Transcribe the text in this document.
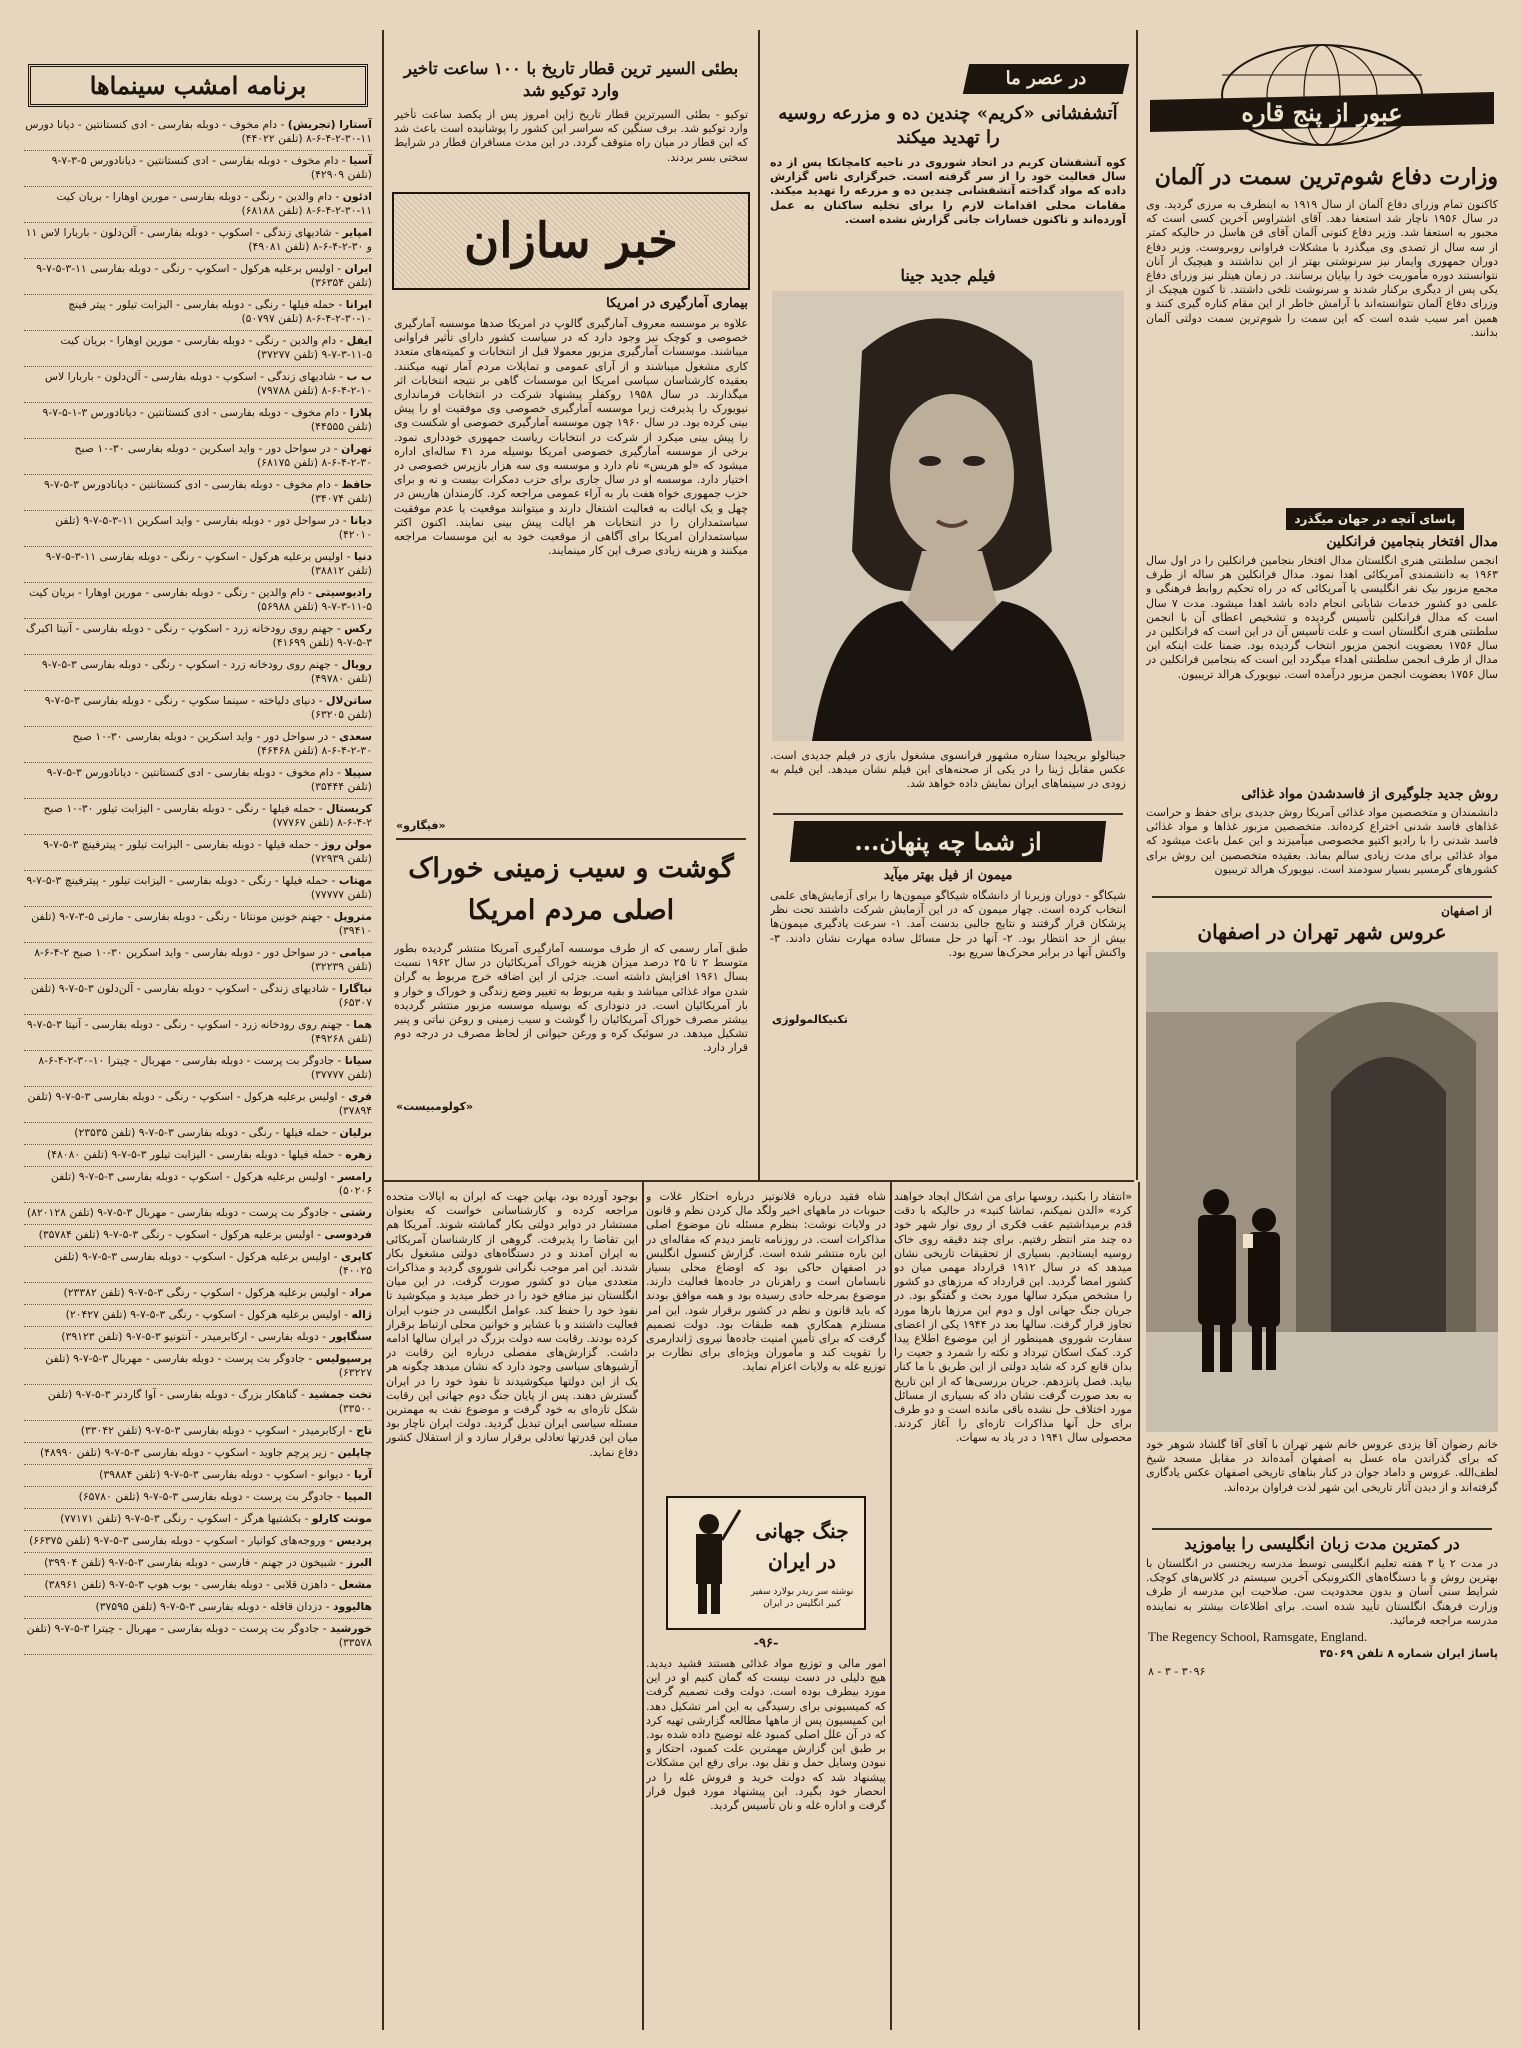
عبور از پنج قاره
وزارت دفاع شوم‌ترین سمت در آلمان
کاکنون تمام وزرای دفاع آلمان از سال ۱۹۱۹ به اینطرف به مرزی گردید. وی در سال ۱۹۵۶ ناچار شد استعفا دهد. آقای اشتراوس آخرین کسی است که مجبور به استعفا شد. وزیر دفاع کنونی آلمان آقای فن هاسل در حالیکه کمتر از سه سال از تصدی وی میگذرد با مشکلات فراوانی روبروست. وزیر دفاع دوران جمهوری وایمار نیز سرنوشتی بهتر از این نداشتند و هیچیک از آنان نتوانستند دوره مأموریت خود را بپایان برسانند. در زمان هیتلر نیز وزرای دفاع یکی پس از دیگری برکنار شدند و سرنوشت تلخی داشتند. تا کنون هیچیک از وزرای دفاع آلمان نتوانسته‌اند با آرامش خاطر از این مقام کناره گیری کنند و همین امر سبب شده است که این سمت را شوم‌ترین سمت دولتی آلمان بدانند.
پاسای آنچه در جهان میگذرد
مدال افتخار بنجامین فرانکلین
انجمن سلطنتی هنری انگلستان مدال افتخار بنجامین فرانکلین را در اول سال ۱۹۶۳ به دانشمندی آمریکائی اهدا نمود. مدال فرانکلین هر ساله از طرف مجمع مزبور بیک نفر انگلیسی یا آمریکائی که در راه تحکیم روابط فرهنگی و علمی دو کشور خدمات شایانی انجام داده باشد اهدا میشود. مدت ۷ سال است که مدال فرانکلین تأسیس گردیده و تشخیص اعطای آن با انجمن سلطنتی هنری انگلستان است و علت تأسیس آن در این است که فرانکلین در سال ۱۷۵۶ بعضویت انجمن مزبور انتخاب گردیده بود. ضمنا علت اینکه این مدال از طرف انجمن سلطنتی اهداء میگردد این است که بنجامین فرانکلین در سال ۱۷۵۶ بعضویت انجمن مزبور درآمده است. نیویورک هرالد تریبیون.
روش جدید جلوگیری از فاسدشدن مواد غذائی
دانشمندان و متخصصین مواد غذائی آمریکا روش جدیدی برای حفظ و حراست غذاهای فاسد شدنی اختراع کرده‌اند. متخصصین مزبور غذاها و مواد غذائی فاسد شدنی را با رادیو اکتیو مخصوصی میآمیزند و این عمل باعث میشود که مواد غذائی برای مدت زیادی سالم بماند. بعقیده متخصصین این روش برای کشورهای گرمسیر بسیار سودمند است. نیویورک هرالد تریبیون
از اصفهان
عروس شهر تهران در اصفهان
خانم رضوان آقا یزدی عروس خانم شهر تهران با آقای آقا گلشاد شوهر خود که برای گذراندن ماه عسل به اصفهان آمده‌اند در مقابل مسجد شیخ لطف‌الله. عروس و داماد جوان در کنار بناهای تاریخی اصفهان عکس یادگاری گرفته‌اند و از دیدن آثار تاریخی این شهر لذت فراوان برده‌اند.
در کمترین مدت زبان انگلیسی را بیاموزید
در مدت ۲ یا ۳ هفته تعلیم انگلیسی توسط مدرسه ریجنسی در انگلستان با بهترین روش و با دستگاه‌های الکترونیکی آخرین سیستم در کلاس‌های کوچک. شرایط سنی آسان و بدون محدودیت سن. صلاحیت این مدرسه از طرف وزارت فرهنگ انگلستان تأیید شده است. برای اطلاعات بیشتر به نماینده مدرسه مراجعه فرمائید.
The Regency School, Ramsgate, England.
پاساژ ایران شماره ۸ تلفن ۳۵۰۶۹
۳۰۹۶ - ۳ - ۸
در عصر ما
آتشفشانی «کریم» چندین ده و مزرعه روسیه را تهدید میکند
کوه آتشفشان کریم در اتحاد شوروی در ناحیه کامچاتکا پس از ده سال فعالیت خود را از سر گرفته است. خبرگزاری تاس گزارش داده که مواد گداخته آتشفشانی چندین ده و مزرعه را تهدید میکند. مقامات محلی اقدامات لازم را برای تخلیه ساکنان به عمل آورده‌اند و تاکنون خسارات جانی گزارش نشده است.
فیلم جدید جینا
جینالولو بریجیدا ستاره مشهور فرانسوی مشغول بازی در فیلم جدیدی است. عکس مقابل ژینا را در یکی از صحنه‌های این فیلم نشان میدهد. این فیلم به زودی در سینماهای ایران نمایش داده خواهد شد.
از شما چه پنهان...
میمون از فیل بهتر میآید
شیکاگو - دوران وزیرنا از دانشگاه شیکاگو میمون‌ها را برای آزمایش‌های علمی انتخاب کرده است. چهار میمون که در این آزمایش شرکت داشتند تحت نظر پزشکان قرار گرفتند و نتایج جالبی بدست آمد. ۱- سرعت یادگیری میمون‌ها بیش از حد انتظار بود. ۲- آنها در حل مسائل ساده مهارت نشان دادند. ۳- واکنش آنها در برابر محرک‌ها سریع بود.
تکنیکالمولوژی
بطئی السیر ترین قطار تاریخ با ۱۰۰ ساعت تاخیر وارد توکیو شد
توکیو - بطئی السیرترین قطار تاریخ ژاپن امروز پس از یکصد ساعت تأخیر وارد توکیو شد. برف سنگین که سراسر این کشور را پوشانیده است باعث شد که این قطار در میان راه متوقف گردد. در این مدت مسافران قطار در شرایط سختی بسر بردند.
خبر سازان
بیماری آمارگیری در امریکا
علاوه بر موسسه معروف آمارگیری گالوپ در امریکا صدها موسسه آمارگیری خصوصی و کوچک نیز وجود دارد که در سیاست کشور دارای تأثیر فراوانی میباشند. موسسات آمارگیری مزبور معمولا قبل از انتخابات و کمیته‌های متعدد کاری مشغول میباشند و از آرای عمومی و تمایلات مردم آمار تهیه میکنند. بعقیده کارشناسان سیاسی امریکا این موسسات گاهی بر نتیجه انتخابات اثر میگذارند. در سال ۱۹۵۸ روکفلر پیشنهاد شرکت در انتخابات فرمانداری نیویورک را پذیرفت زیرا موسسه آمارگیری خصوصی وی موفقیت او را پیش بینی کرده بود. در سال ۱۹۶۰ چون موسسه آمارگیری خصوصی او شکست وی را پیش بینی میکرد از شرکت در انتخابات ریاست جمهوری خودداری نمود. برخی از موسسه آمارگیری خصوصی امریکا بوسیله مرد ۴۱ ساله‌ای اداره میشود که «لو هریس» نام دارد و موسسه وی سه هزار بازپرس خصوصی در اختیار دارد. موسسه او در سال جاری برای حزب دمکرات بیست و نه و برای حزب جمهوری خواه هفت بار به آراء عمومی مراجعه کرد. کارمندان هاریس در چهل و یک ایالت به فعالیت اشتغال دارند و میتوانند موقعیت یا عدم موفقیت سیاستمداران را در انتخابات هر ایالت پیش بینی نمایند. اکنون اکثر سیاستمداران امریکا برای آگاهی از موقعیت خود به این موسسات مراجعه میکنند و هزینه زیادی صرف این کار مینمایند.
«فیگارو»
گوشت و سیب زمینی خوراک اصلی مردم امریکا
طبق آمار رسمی که از طرف موسسه آمارگیری آمریکا منتشر گردیده بطور متوسط ۲ تا ۲۵ درصد میزان هزینه خوراک آمریکائیان در سال ۱۹۶۲ نسبت بسال ۱۹۶۱ افزایش داشته است. جزئی از این اضافه خرج مربوط به گران شدن مواد غذائی میباشد و بقیه مربوط به تغییر وضع زندگی و خوراک و خوار و بار آمریکائیان است. در دنوداری که بوسیله موسسه مزبور منتشر گردیده بیشتر مصرف خوراک آمریکائیان را گوشت و سیب زمینی و روغن نباتی و پنیر تشکیل میدهد. در سوئیک کره و ورغن حیوانی از لحاظ مصرف در درجه دوم قرار دارد.
«کولومبیست»
«انتقاد را بکنید، روسها برای من اشکال ایجاد خواهند کرد» «الدن نمیکنم، تماشا کنید» در حالیکه با دقت قدم برمیداشتیم عقب فکری از روی نوار شهر خود ده چند متر انتظر رفتیم. برای چند دقیقه روی خاک روسیه ایستادیم. بسیاری از تحقیقات تاریخی نشان میدهد که در سال ۱۹۱۲ قرارداد مهمی میان دو کشور امضا گردید. این قرارداد که مرزهای دو کشور را مشخص میکرد سالها مورد بحث و گفتگو بود. در جریان جنگ جهانی اول و دوم این مرزها بارها مورد تجاوز قرار گرفت. سالها بعد در ۱۹۴۴ یکی از اعضای سفارت شوروی همینطور از این موضوع اطلاع پیدا کرد. کمک اسکان تیرداد و نکته را شمرد و جعیت را بدان قانع کرد که شاید دولتی از این طریق با ما کنار بیاید. فصل پانزدهم. جریان بررسی‌ها که از این تاریخ به بعد صورت گرفت نشان داد که بسیاری از مسائل مورد اختلاف حل نشده باقی مانده است و دو طرف برای حل آنها مذاکرات تازه‌ای را آغاز کردند. محصولی سال ۱۹۴۱ د در یاد به سهات.
بوجود آورده بود، بهاین جهت که ایران به ایالات متحده مراجعه کرده و کارشناسانی خواست که بعنوان مستشار در دوایر دولتی بکار گماشته شوند. آمریکا هم این تقاضا را پذیرفت. گروهی از کارشناسان آمریکائی به ایران آمدند و در دستگاه‌های دولتی مشغول بکار شدند. این امر موجب نگرانی شوروی گردید و مذاکرات متعددی میان دو کشور صورت گرفت. در این میان انگلستان نیز منافع خود را در خطر میدید و میکوشید تا نفوذ خود را حفظ کند. عوامل انگلیسی در جنوب ایران فعالیت داشتند و با عشایر و خوانین محلی ارتباط برقرار کرده بودند. رقابت سه دولت بزرگ در ایران سالها ادامه داشت. گزارش‌های مفصلی درباره این رقابت در آرشیوهای سیاسی وجود دارد که نشان میدهد چگونه هر یک از این دولتها میکوشیدند تا نفوذ خود را در ایران گسترش دهند. پس از پایان جنگ دوم جهانی این رقابت شکل تازه‌ای به خود گرفت و موضوع نفت به مهمترین مسئله سیاسی ایران تبدیل گردید. دولت ایران ناچار بود میان این قدرتها تعادلی برقرار سازد و از استقلال کشور دفاع نماید.
شاه فقید درباره قلانوتیز درباره احتکار غلات و حبوبات در ماههای اخیر ولگد مال کردن نظم و قانون در ولایات نوشت: بنظرم مسئله نان موضوع اصلی مذاکرات است. در روزنامه تایمز دیدم که مقاله‌ای در این باره منتشر شده است. گزارش کنسول انگلیس در اصفهان حاکی بود که اوضاع محلی بسیار نابسامان است و راهزنان در جاده‌ها فعالیت دارند. موضوع بمرحله حادی رسیده بود و همه موافق بودند که باید قانون و نظم در کشور برقرار شود. این امر مستلزم همکاری همه طبقات بود. دولت تصمیم گرفت که برای تأمین امنیت جاده‌ها نیروی ژاندارمری را تقویت کند و مأموران ویژه‌ای برای نظارت بر توزیع غله به ولایات اعزام نماید.
جنگ جهانی در ایران
نوشته سر ریدر بولارد سفیر کبیر انگلیس در ایران
-۹۶-
امور مالی و توزیع مواد غذائی هستند قشید دیدید. هیچ دلیلی در دست نیست که گمان کنیم او در این مورد بیطرف بوده است. دولت وقت تصمیم گرفت که کمیسیونی برای رسیدگی به این امر تشکیل دهد. این کمیسیون پس از ماهها مطالعه گزارشی تهیه کرد که در آن علل اصلی کمبود غله توضیح داده شده بود. بر طبق این گزارش مهمترین علت کمبود، احتکار و نبودن وسایل حمل و نقل بود. برای رفع این مشکلات پیشنهاد شد که دولت خرید و فروش غله را در انحصار خود بگیرد. این پیشنهاد مورد قبول قرار گرفت و اداره غله و نان تأسیس گردید.
برنامه امشب سینماها
آستارا (تجریش) - دام مخوف - دوبله بفارسی - ادی کنستانتین - دیانا دورس ۱۱-۳۰-۲-۴-۶-۸ (تلفن ۴۴۰۲۲)
آسیا - دام مخوف - دوبله بفارسی - ادی کنستانتین - دیانادورس ۵-۳-۷-۹ (تلفن ۴۲۹۰۹)
ادئون - دام والدین - رنگی - دوبله بفارسی - مورین اوهارا - بریان کیت ۱۱-۳۰-۲-۴-۶-۸ (تلفن ۶۸۱۸۸)
امپایر - شادیهای زندگی - اسکوپ - دوبله بفارسی - آلن‌دلون - باربارا لاس ۱۱ و ۳۰-۲-۴-۶-۸ (تلفن ۴۹۰۸۱)
ایران - اولیس برعلیه هرکول - اسکوپ - رنگی - دوبله بفارسی ۱۱-۳-۵-۷-۹ (تلفن ۳۶۳۵۴)
ایرانا - حمله فیلها - رنگی - دوبله بفارسی - الیزابت تیلور - پیتر فینچ ۱۰-۳۰-۲-۴-۶-۸ (تلفن ۵۰۷۹۷)
ایفل - دام والدین - رنگی - دوبله بفارسی - مورین اوهارا - بریان کیت ۵-۱۱-۳-۷-۹ (تلفن ۳۷۲۷۷)
ب ب - شادیهای زندگی - اسکوپ - دوبله بفارسی - آلن‌دلون - باربارا لاس ۱۰-۲-۴-۶-۸ (تلفن ۷۹۷۸۸)
پلازا - دام مخوف - دوبله بفارسی - ادی کنستانتین - دیانادورس ۳-۱-۵-۷-۹ (تلفن ۴۴۵۵۵)
تهران - در سواحل دور - واید اسکرین - دوبله بفارسی ۳۰-۱۰ صبح ۳۰-۲-۴-۶-۸ (تلفن ۶۸۱۷۵)
حافظ - دام مخوف - دوبله بفارسی - ادی کنستانتین - دیانادورس ۳-۵-۷-۹ (تلفن ۳۴۰۷۴)
دیانا - در سواحل دور - دوبله بفارسی - واید اسکرین ۱۱-۳-۵-۷-۹ (تلفن ۴۲۰۱۰)
دنیا - اولیس برعلیه هرکول - اسکوپ - رنگی - دوبله بفارسی ۱۱-۳-۵-۷-۹ (تلفن ۳۸۸۱۲)
رادیوسیتی - دام والدین - رنگی - دوبله بفارسی - مورین اوهارا - بریان کیت ۵-۱۱-۳-۷-۹ (تلفن ۵۶۹۸۸)
رکس - جهنم روی رودخانه زرد - اسکوپ - رنگی - دوبله بفارسی - آنیتا اکبرگ ۳-۵-۷-۹ (تلفن ۴۱۶۹۹)
رویال - جهنم روی رودخانه زرد - اسکوپ - رنگی - دوبله بفارسی ۳-۵-۷-۹ (تلفن ۴۹۷۸۰)
ساتن‌لال - دنیای دلیاخته - سینما سکوپ - رنگی - دوبله بفارسی ۳-۵-۷-۹ (تلفن ۶۳۲۰۵)
سعدی - در سواحل دور - واید اسکرین - دوبله بفارسی ۳۰-۱۰ صبح ۳۰-۲-۴-۶-۸ (تلفن ۴۶۴۶۸)
سپیلا - دام مخوف - دوبله بفارسی - ادی کنستانتین - دیانادورس ۳-۵-۷-۹ (تلفن ۳۵۴۴۴)
کریستال - حمله فیلها - رنگی - دوبله بفارسی - الیزابت تیلور ۳۰-۱۰ صبح ۲-۴-۶-۸ (تلفن ۷۷۷۶۷)
مولن روژ - حمله فیلها - دوبله بفارسی - الیزابت تیلور - پیترفینچ ۳-۵-۷-۹ (تلفن ۷۲۹۳۹)
مهتاب - حمله فیلها - رنگی - دوبله بفارسی - الیزابت تیلور - پیترفینچ ۳-۵-۷-۹ (تلفن ۷۷۷۷۷)
متروپل - جهنم خونین مونتانا - رنگی - دوبله بفارسی - مارتی ۵-۳-۷-۹ (تلفن ۳۹۴۱۰)
میامی - در سواحل دور - دوبله بفارسی - واید اسکرین ۳۰-۱۰ صبح ۲-۴-۶-۸ (تلفن ۳۲۲۳۹)
نیاگارا - شادیهای زندگی - اسکوپ - دوبله بفارسی - آلن‌دلون ۳-۵-۷-۹ (تلفن ۶۵۳۰۷)
هما - جهنم روی رودخانه زرد - اسکوپ - رنگی - دوبله بفارسی - آنیتا ۳-۵-۷-۹ (تلفن ۴۹۲۶۸)
سیانا - جادوگر بت پرست - دوبله بفارسی - مهربال - چیترا ۱۰-۳۰-۲-۴-۶-۸ (تلفن ۳۷۷۷۷)
فری - اولیس برعلیه هرکول - اسکوپ - رنگی - دوبله بفارسی ۳-۵-۷-۹ (تلفن ۳۷۸۹۴)
برلیان - حمله فیلها - رنگی - دوبله بفارسی ۳-۵-۷-۹ (تلفن ۲۳۵۳۵)
زهره - حمله فیلها - دوبله بفارسی - الیزابت تیلور ۳-۵-۷-۹ (تلفن ۴۸۰۸۰)
رامسر - اولیس برعلیه هرکول - اسکوپ - دوبله بفارسی ۳-۵-۷-۹ (تلفن ۵۰۲۰۶)
رشتی - جادوگر بت پرست - دوبله بفارسی - مهربال ۳-۵-۷-۹ (تلفن ۸۲۰۱۲۸)
فردوسی - اولیس برعلیه هرکول - اسکوپ - رنگی ۳-۵-۷-۹ (تلفن ۳۵۷۸۴)
کاپری - اولیس برعلیه هرکول - اسکوپ - دوبله بفارسی ۳-۵-۷-۹ (تلفن ۴۰۰۲۵)
مراد - اولیس برعلیه هرکول - اسکوپ - رنگی ۳-۵-۷-۹ (تلفن ۲۳۳۸۲)
ژاله - اولیس برعلیه هرکول - اسکوپ - رنگی ۳-۵-۷-۹ (تلفن ۲۰۴۲۷)
سنگاپور - دوبله بفارسی - ارکابرمیدر - آنتونیو ۳-۵-۷-۹ (تلفن ۳۹۱۲۳)
پرسپولیس - جادوگر بت پرست - دوبله بفارسی - مهربال ۳-۵-۷-۹ (تلفن ۶۳۲۲۷)
تخت جمشید - گناهکار بزرگ - دوبله بفارسی - آوا گاردنر ۳-۵-۷-۹ (تلفن ۳۳۵۰۰)
تاج - ارکابرمیدر - اسکوپ - دوبله بفارسی ۳-۵-۷-۹ (تلفن ۳۳۰۴۲)
چاپلین - زیر پرچم جاوید - اسکوپ - دوبله بفارسی ۳-۵-۷-۹ (تلفن ۴۸۹۹۰)
آریا - دیوانو - اسکوپ - دوبله بفارسی ۳-۵-۷-۹ (تلفن ۳۹۸۸۴)
المپیا - جادوگر بت پرست - دوبله بفارسی ۳-۵-۷-۹ (تلفن ۶۵۷۸۰)
مونت کارلو - بکشتیها هرگز - اسکوپ - رنگی ۳-۵-۷-۹ (تلفن ۷۷۱۷۱)
پردیس - وروجه‌های کوانیار - اسکوپ - دوبله بفارسی ۳-۵-۷-۹ (تلفن ۶۶۳۷۵)
البرز - شبیخون در جهنم - فارسی - دوبله بفارسی ۳-۵-۷-۹ (تلفن ۳۹۹۰۴)
مشعل - داهزن قلابی - دوبله بفارسی - بوب هوپ ۳-۵-۷-۹ (تلفن ۳۸۹۶۱)
هالیوود - دزدان قافله - دوبله بفارسی ۳-۵-۷-۹ (تلفن ۳۷۵۹۵)
خورشید - جادوگر بت پرست - دوبله بفارسی - مهربال - چیترا ۳-۵-۷-۹ (تلفن ۳۳۵۷۸)
